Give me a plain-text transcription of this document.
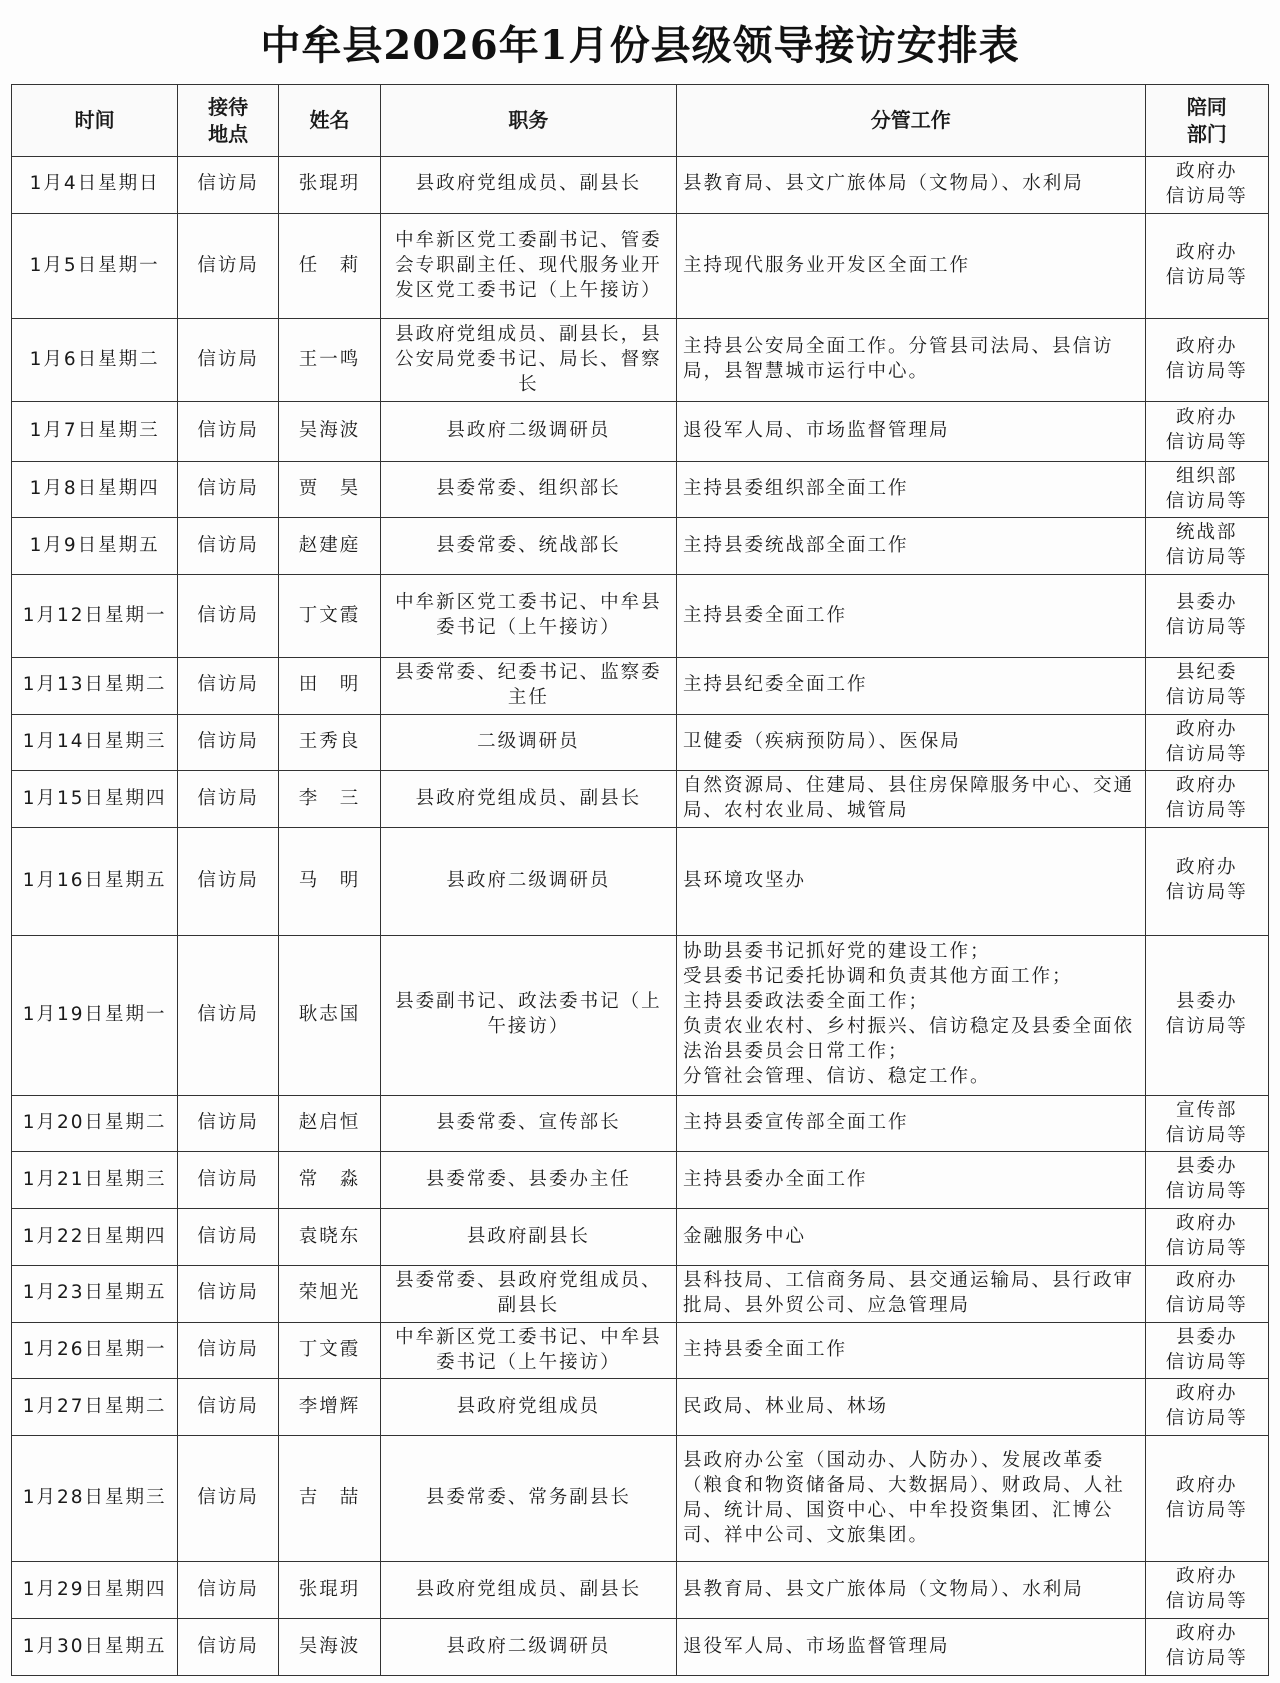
中牟县2026年1月份县级领导接访安排表
时间	接待
地点	姓名	职务	分管工作	陪同
部门

1月4日星期日	信访局	张琨玥	县政府党组成员、副县长	县教育局、县文广旅体局（文物局）、水利局	政府办
信访局等

1月5日星期一	信访局	任　莉	中牟新区党工委副书记、管委会专职副主任、现代服务业开发区党工委书记（上午接访）	主持现代服务业开发区全面工作	政府办
信访局等

1月6日星期二	信访局	王一鸣	县政府党组成员、副县长，县公安局党委书记、局长、督察长	主持县公安局全面工作。分管县司法局、县信访局，县智慧城市运行中心。	政府办
信访局等

1月7日星期三	信访局	吴海波	县政府二级调研员	退役军人局、市场监督管理局	政府办
信访局等

1月8日星期四	信访局	贾　昊	县委常委、组织部长	主持县委组织部全面工作	组织部
信访局等

1月9日星期五	信访局	赵建庭	县委常委、统战部长	主持县委统战部全面工作	统战部
信访局等

1月12日星期一	信访局	丁文霞	中牟新区党工委书记、中牟县委书记（上午接访）	主持县委全面工作	县委办
信访局等

1月13日星期二	信访局	田　明	县委常委、纪委书记、监察委主任	主持县纪委全面工作	县纪委
信访局等

1月14日星期三	信访局	王秀良	二级调研员	卫健委（疾病预防局）、医保局	政府办
信访局等

1月15日星期四	信访局	李　三	县政府党组成员、副县长	自然资源局、住建局、县住房保障服务中心、交通局、农村农业局、城管局	政府办
信访局等

1月16日星期五	信访局	马　明	县政府二级调研员	县环境攻坚办	政府办
信访局等

1月19日星期一	信访局	耿志国	县委副书记、政法委书记（上午接访）	协助县委书记抓好党的建设工作；
受县委书记委托协调和负责其他方面工作；
主持县委政法委全面工作；
负责农业农村、乡村振兴、信访稳定及县委全面依法治县委员会日常工作；
分管社会管理、信访、稳定工作。	县委办
信访局等

1月20日星期二	信访局	赵启恒	县委常委、宣传部长	主持县委宣传部全面工作	宣传部
信访局等

1月21日星期三	信访局	常　淼	县委常委、县委办主任	主持县委办全面工作	县委办
信访局等

1月22日星期四	信访局	袁晓东	县政府副县长	金融服务中心	政府办
信访局等

1月23日星期五	信访局	荣旭光	县委常委、县政府党组成员、副县长	县科技局、工信商务局、县交通运输局、县行政审批局、县外贸公司、应急管理局	政府办
信访局等

1月26日星期一	信访局	丁文霞	中牟新区党工委书记、中牟县委书记（上午接访）	主持县委全面工作	县委办
信访局等

1月27日星期二	信访局	李增辉	县政府党组成员	民政局、林业局、林场	政府办
信访局等

1月28日星期三	信访局	吉　喆	县委常委、常务副县长	县政府办公室（国动办、人防办）、发展改革委（粮食和物资储备局、大数据局）、财政局、人社局、统计局、国资中心、中牟投资集团、汇博公司、祥中公司、文旅集团。	政府办
信访局等

1月29日星期四	信访局	张琨玥	县政府党组成员、副县长	县教育局、县文广旅体局（文物局）、水利局	政府办
信访局等

1月30日星期五	信访局	吴海波	县政府二级调研员	退役军人局、市场监督管理局	政府办
信访局等
